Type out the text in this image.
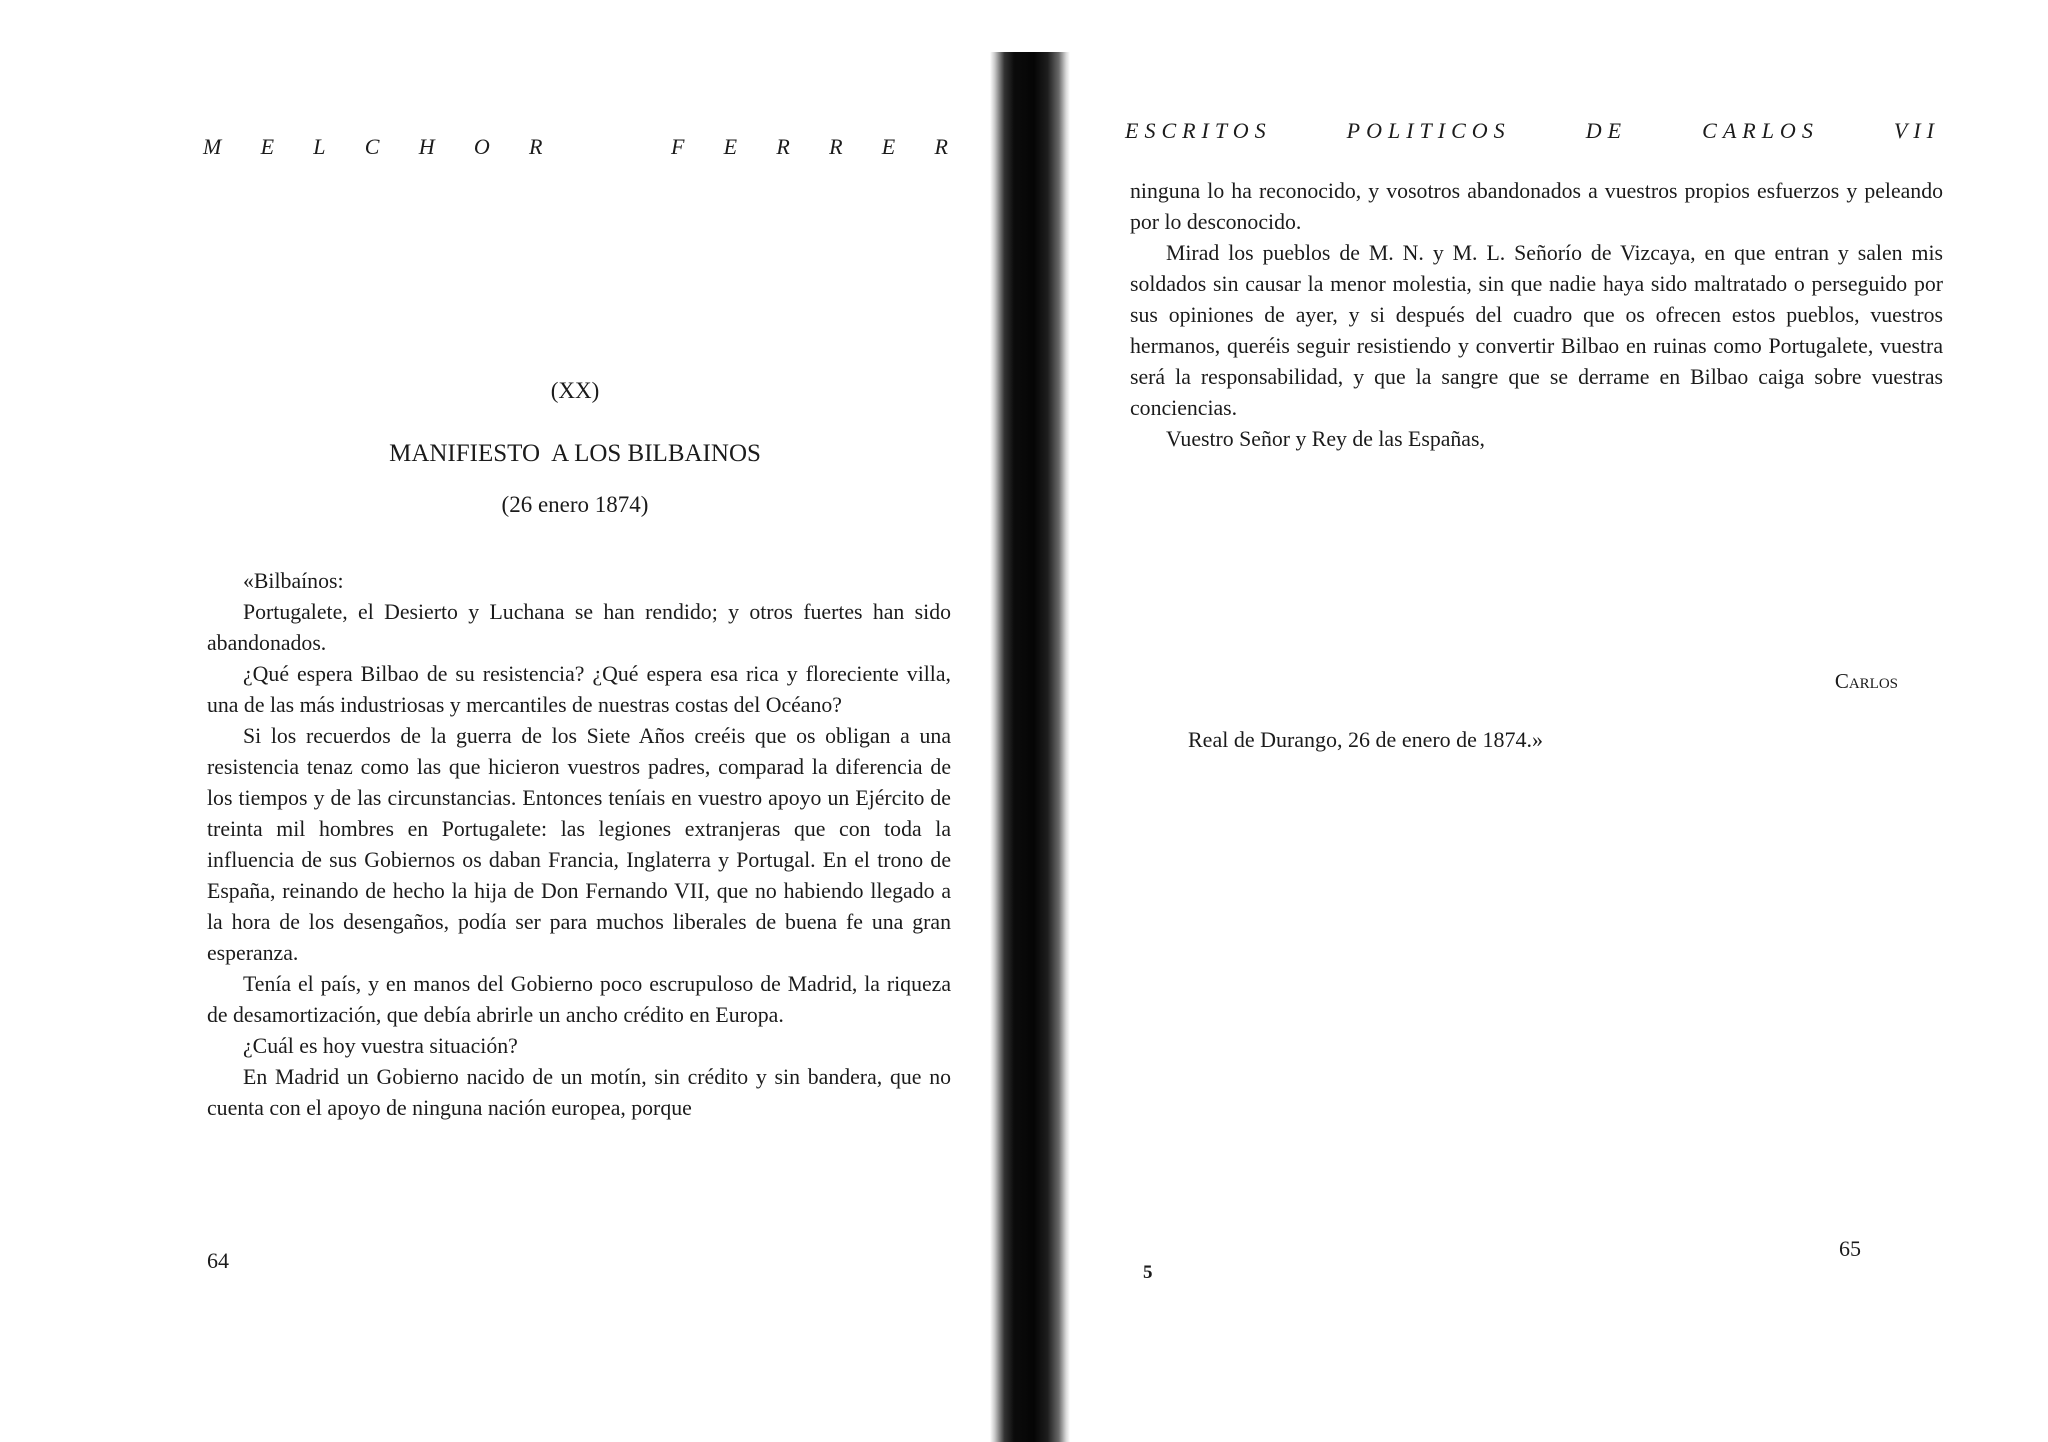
M E L C H O R	F E R R E R
(XX)
MANIFIESTO  A LOS BILBAINOS
(26 enero 1874)

«Bilbaínos:

Portugalete, el Desierto y Luchana se han rendido; y otros fuertes han sido abandonados.

¿Qué espera Bilbao de su resistencia? ¿Qué espera esa rica y floreciente villa, una de las más industriosas y mercantiles de nuestras costas del Océano?

Si los recuerdos de la guerra de los Siete Años creéis que os obligan a una resistencia tenaz como las que hicieron vuestros padres, comparad la diferencia de los tiempos y de las circunstancias. Entonces teníais en vuestro apoyo un Ejército de treinta mil hombres en Portugalete: las legiones extranjeras que con toda la influencia de sus Gobiernos os daban Francia, Inglaterra y Portugal. En el trono de España, reinando de hecho la hija de Don Fernando VII, que no habiendo llegado a la hora de los desengaños, podía ser para muchos liberales de buena fe una gran esperanza.

Tenía el país, y en manos del Gobierno poco escrupuloso de Madrid, la riqueza de desamortización, que debía abrirle un ancho crédito en Europa.

¿Cuál es hoy vuestra situación?

En Madrid un Gobierno nacido de un motín, sin crédito y sin bandera, que no cuenta con el apoyo de ninguna nación europea, porque

64
ESCRITOS	POLITICOS	DE	CARLOS	VII

ninguna lo ha reconocido, y vosotros abandonados a vuestros propios esfuerzos y peleando por lo desconocido.

Mirad los pueblos de M. N. y M. L. Señorío de Vizcaya, en que entran y salen mis soldados sin causar la menor molestia, sin que nadie haya sido maltratado o perseguido por sus opiniones de ayer, y si después del cuadro que os ofrecen estos pueblos, vuestros hermanos, queréis seguir resistiendo y convertir Bilbao en ruinas como Portugalete, vuestra será la responsabilidad, y que la sangre que se derrame en Bilbao caiga sobre vuestras conciencias.

Vuestro Señor y Rey de las Españas,

Carlos
Real de Durango, 26 de enero de 1874.»
5
65
